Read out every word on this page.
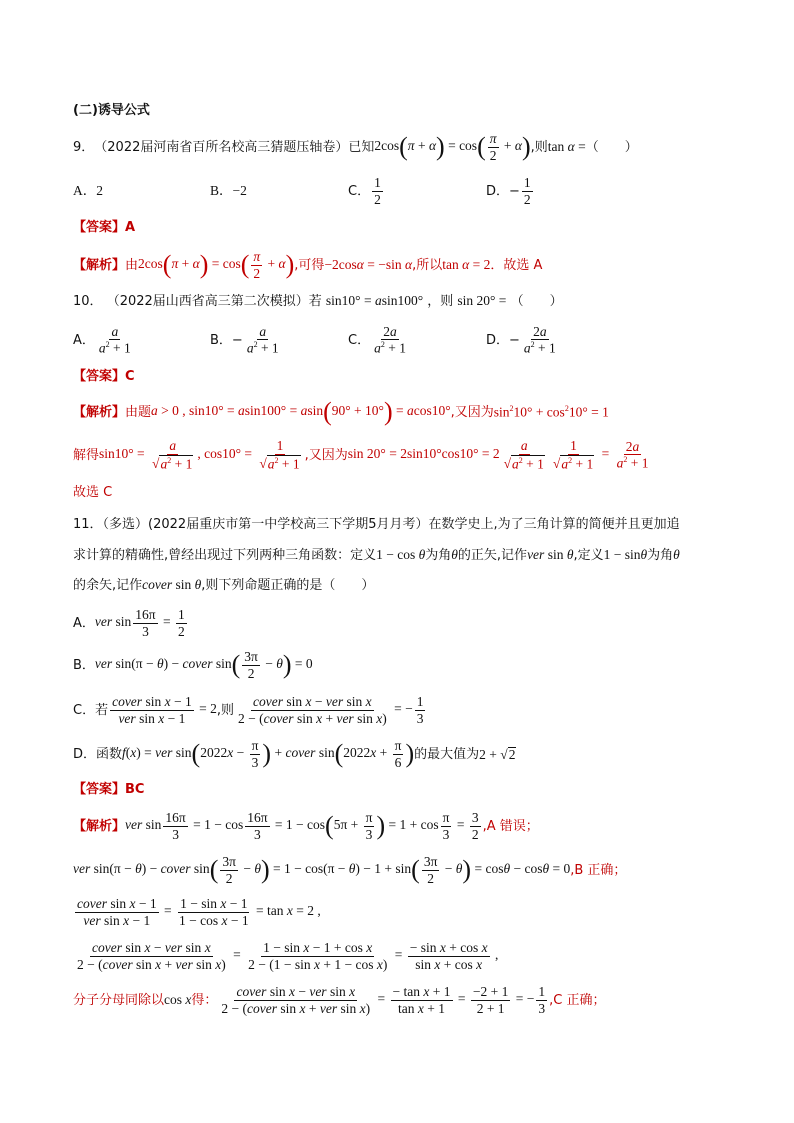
(二)诱导公式
9． （2022届河南省百所名校高三猜题压轴卷）已知 $2\cos(\pi + \alpha) = \cos( \frac{\pi}{2} + \alpha)$ ,则 tan α = （　　）
A．2	B．−2	C． $\frac{1}{2}$	D．− $\frac{1}{2}$
【答案】A
【解析】 由 $2\cos(\pi + \alpha) = \cos( \frac{\pi}{2} + \alpha)$ ,可得 −2cosα = −sin α ,所以 tan α = 2 ．故选 A
10． （2022届山西省高三第二次模拟）若 sin10° = asin100° ，则 sin 20° = （　　）
A． $\frac{a}{a^2 + 1}$	B．− $\frac{a}{a^2 + 1}$	C． $\frac{2a}{a^2 + 1}$	D．− $\frac{2a}{a^2 + 1}$
【答案】C
【解析】 由题 a > 0 , sin10° = asin100° = asin(90° + 10°) = acos10° ,又因为 $\sin^210^\circ + \cos^210^\circ = 1$
解得 $\sin 10^\circ = \frac{a}{√ a^2 + 1}$ , $\cos 10^\circ = \frac{1}{√ a^2 + 1}$ ,又因为 $\sin 20^\circ = 2\sin 10^\circ\cos 10^\circ = 2 \frac{a}{√ a^2 + 1} \frac{1}{√ a^2 + 1} = \frac{2a}{a^2 + 1}$
故选 C
11．（多选）(2022届重庆市第一中学校高三下学期5月月考）在数学史上,为了三角计算的简便并且更加追
求计算的精确性,曾经出现过下列两种三角函数：定义1 − cos θ为角θ的正矢,记作ver sin θ,定义1 − sinθ为角θ
的余矢,记作cover sin θ,则下列命题正确的是（　　）
A． ver $\sin \frac{16\pi}{3} = \frac{1}{2}$
B． ver sin(π − θ) − cover $\sin( \frac{3\pi}{2} - \theta) = 0$
C．若 $\frac{\text{cover sin x − 1}}{\text{ver sin x − 1}} = 2$ ,则 $\frac{\text{cover sin x − ver sin x}}{\text{2 − (cover sin x + ver sin x)}}$ = − $\frac{1}{3}$
D．函数 f(x) = ver $\sin(2022x - \frac{\pi}{3}$ ) + cover $\sin(2022x + \frac{\pi}{6}$ ) 的最大值为 2 + √ 2
【答案】BC
【解析】 ver $\sin \frac{16\pi}{3} = 1 - \cos \frac{16\pi}{3} = 1 - \cos(5\pi + \frac{\pi}{3}$ ) = $1 + \cos \frac{\pi}{3} = \frac{3}{2} ,A$ 错误；
ver sin(π − θ) − cover $\sin( \frac{3\pi}{2} - \theta) = 1 - \cos(\pi - \theta) - 1 + \sin( \frac{3\pi}{2} - \theta) = \cos\theta - \cos\theta = 0$ ,B 正确；
$\frac{\text{cover sin x − 1}}{\text{ver sin x − 1}} = \frac{\text{1 − sin x − 1}}{\text{1 − cos x − 1}} = \tan x = 2$ ,
$\frac{\text{cover sin x − ver sin x}}{\text{2 − (cover sin x + ver sin x)}} = \frac{\text{1 − sin x − 1 + cos x}}{\text{2 − (1 − sin x + 1 − cos x)}} = \frac{\text{− sin x + cos x}}{\text{sin x + cos x}}$ ,
分子分母同除以 cos x 得： $\frac{\text{cover sin x − ver sin x}}{\text{2 − (cover sin x + ver sin x)}} = \frac{\text{− tan x + 1}}{\text{tan x + 1}} = \frac{-2 + 1}{2 + 1}$ = − $\frac{1}{3} ,C$ 正确；
